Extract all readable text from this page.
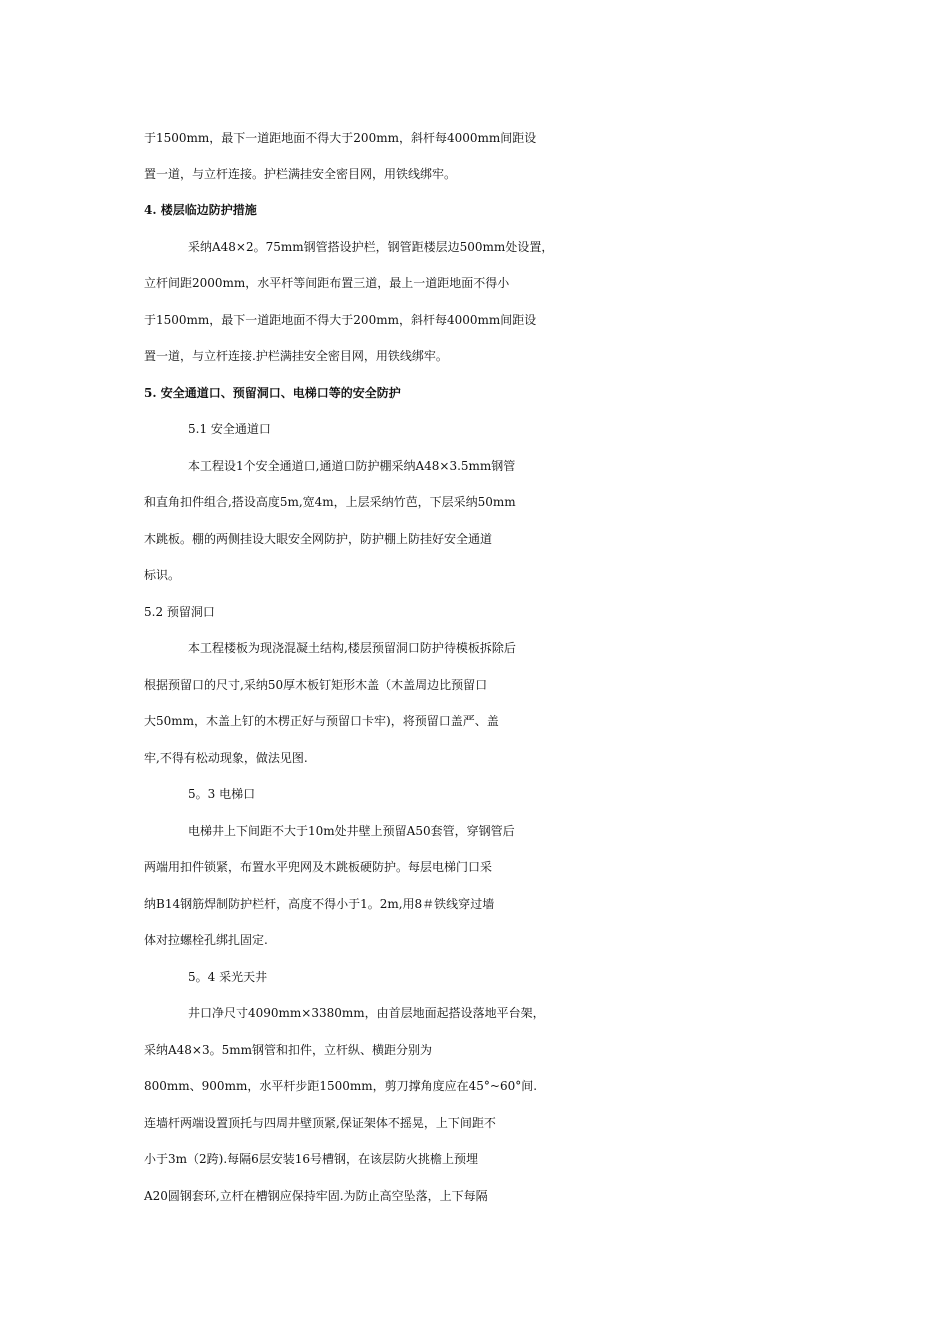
于1500mm，最下一道距地面不得大于200mm，斜杆每4000mm间距设
置一道，与立杆连接。护栏满挂安全密目网，用铁线绑牢。
4. 楼层临边防护措施
采纳A48×2。75mm钢管搭设护栏，钢管距楼层边500mm处设置，
立杆间距2000mm，水平杆等间距布置三道，最上一道距地面不得小
于1500mm，最下一道距地面不得大于200mm，斜杆每4000mm间距设
置一道，与立杆连接.护栏满挂安全密目网，用铁线绑牢。
5. 安全通道口、预留洞口、电梯口等的安全防护
5.1 安全通道口
本工程设1个安全通道口,通道口防护棚采纳A48×3.5mm钢管
和直角扣件组合,搭设高度5m,宽4m，上层采纳竹芭，下层采纳50mm
木跳板。棚的两侧挂设大眼安全网防护，防护棚上防挂好安全通道
标识。
5.2 预留洞口
本工程楼板为现浇混凝土结构,楼层预留洞口防护待模板拆除后
根据预留口的尺寸,采纳50厚木板钉矩形木盖（木盖周边比预留口
大50mm，木盖上钉的木楞正好与预留口卡牢)，将预留口盖严、盖
牢,不得有松动现象，做法见图.
5。3 电梯口
电梯井上下间距不大于10m处井壁上预留A50套管，穿钢管后
两端用扣件锁紧，布置水平兜网及木跳板硬防护。每层电梯门口采
纳B14钢筋焊制防护栏杆，高度不得小于1。2m,用8＃铁线穿过墙
体对拉螺栓孔绑扎固定.
5。4 采光天井
井口净尺寸4090mm×3380mm，由首层地面起搭设落地平台架，
采纳A48×3。5mm钢管和扣件，立杆纵、横距分别为
800mm、900mm，水平杆步距1500mm，剪刀撑角度应在45°~60°间.
连墙杆两端设置顶托与四周井壁顶紧,保证架体不摇晃，上下间距不
小于3m（2跨).每隔6层安装16号槽钢，在该层防火挑檐上预埋
A20圆钢套环,立杆在槽钢应保持牢固.为防止高空坠落，上下每隔
